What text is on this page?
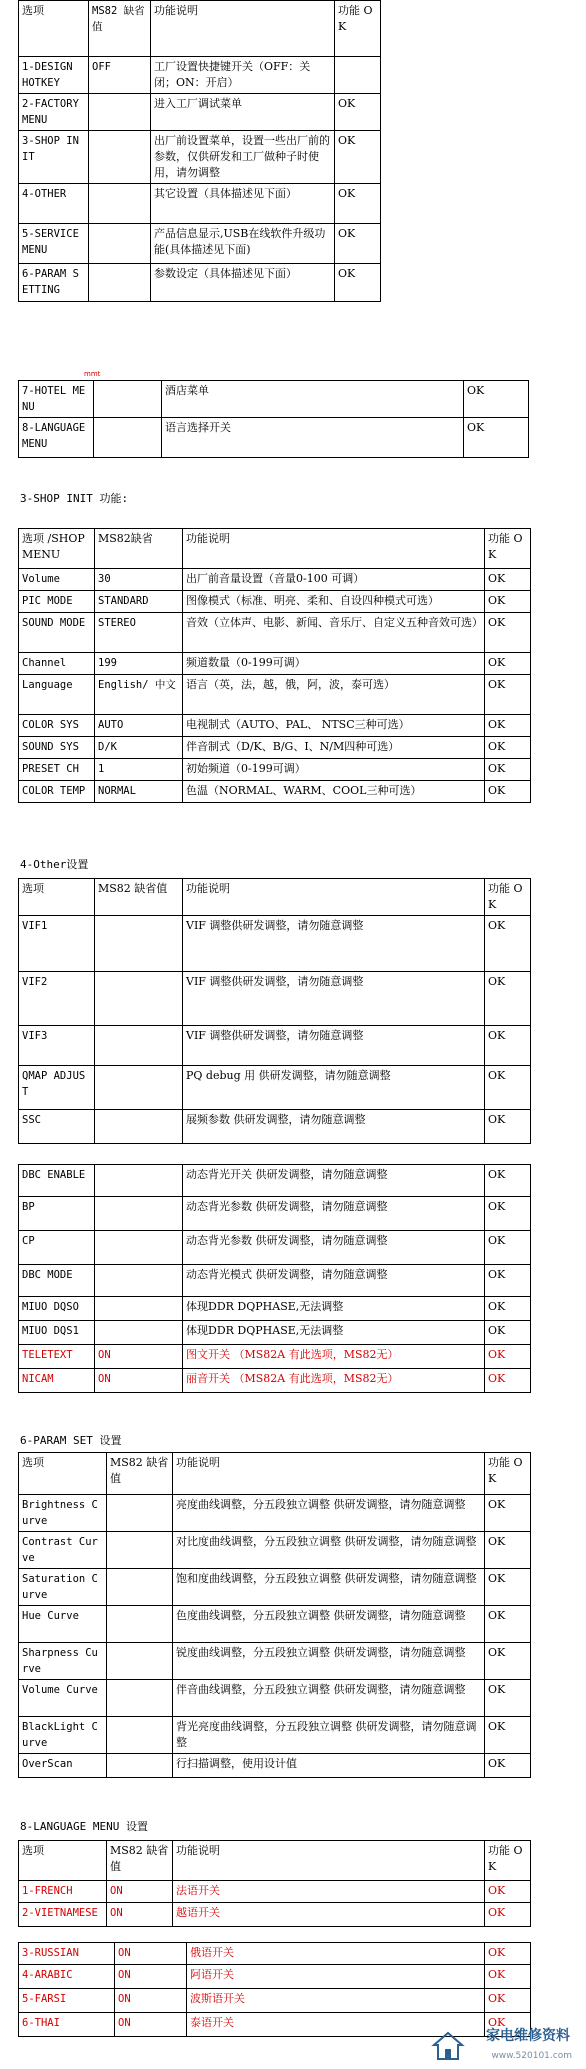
选项	MS82 缺省值	功能说明	功能 OK
1-DESIGN HOTKEY	OFF	工厂设置快捷键开关（OFF：关闭；ON：开启）	
2-FACTORY MENU		进入工厂调试菜单	OK
3-SHOP INIT		出厂前设置菜单，设置一些出厂前的参数，仅供研发和工厂做种子时使用，请勿调整	OK
4-OTHER		其它设置（具体描述见下面）	OK
5-SERVICE MENU		产品信息显示,USB在线软件升级功能(具体描述见下面)	OK
6-PARAM SETTING		参数设定（具体描述见下面）	OK
mmt
7-HOTEL MENU		酒店菜单	OK
8-LANGUAGE MENU		语言选择开关	OK
3-SHOP INIT 功能:
选项 /SHOP MENU	MS82缺省	功能说明	功能 OK
Volume	30	出厂前音量设置（音量0-100 可调）	OK
PIC MODE	STANDARD	图像模式（标准、明亮、柔和、自设四种模式可选）	OK
SOUND MODE	STEREO	音效（立体声、电影、新闻、音乐厅、自定义五种音效可选）	OK
Channel	199	频道数量（0-199可调）	OK
Language	English/ 中文	语言（英，法，越，俄，阿，波，泰可选）	OK
COLOR SYS	AUTO	电视制式（AUTO、PAL、 NTSC三种可选）	OK
SOUND SYS	D/K	伴音制式（D/K、B/G、I、N/M四种可选）	OK
PRESET CH	1	初始频道（0-199可调）	OK
COLOR TEMP	NORMAL	色温（NORMAL、WARM、COOL三种可选）	OK
4-Other设置
选项	MS82 缺省值	功能说明	功能 OK
VIF1		VIF 调整供研发调整，请勿随意调整	OK
VIF2		VIF 调整供研发调整，请勿随意调整	OK
VIF3		VIF 调整供研发调整，请勿随意调整	OK
QMAP ADJUST		PQ debug 用 供研发调整，请勿随意调整	OK
SSC		展频参数 供研发调整，请勿随意调整	OK
DBC ENABLE		动态背光开关 供研发调整，请勿随意调整	OK
BP		动态背光参数 供研发调整，请勿随意调整	OK
CP		动态背光参数 供研发调整，请勿随意调整	OK
DBC MODE		动态背光模式 供研发调整，请勿随意调整	OK
MIUO DQSO		体现DDR DQPHASE,无法调整	OK
MIUO DQS1		体现DDR DQPHASE,无法调整	OK
TELETEXT	ON	图文开关 （MS82A 有此选项，MS82无）	OK
NICAM	ON	丽音开关 （MS82A 有此选项，MS82无）	OK
6-PARAM SET 设置
选项	MS82 缺省值	功能说明	功能 OK
Brightness Curve		亮度曲线调整，分五段独立调整 供研发调整，请勿随意调整	OK
Contrast Curve		对比度曲线调整，分五段独立调整 供研发调整，请勿随意调整	OK
Saturation Curve		饱和度曲线调整，分五段独立调整 供研发调整，请勿随意调整	OK
Hue Curve		色度曲线调整，分五段独立调整 供研发调整，请勿随意调整	OK
Sharpness Curve		锐度曲线调整，分五段独立调整 供研发调整，请勿随意调整	OK
Volume Curve		伴音曲线调整，分五段独立调整 供研发调整，请勿随意调整	OK
BlackLight Curve		背光亮度曲线调整，分五段独立调整 供研发调整，请勿随意调整	OK
OverScan		行扫描调整，使用设计值	OK
8-LANGUAGE MENU 设置
选项	MS82 缺省值	功能说明	功能 OK
1-FRENCH	ON	法语开关	OK
2-VIETNAMESE	ON	越语开关	OK
3-RUSSIAN	ON	俄语开关	OK
4-ARABIC	ON	阿语开关	OK
5-FARSI	ON	波斯语开关	OK
6-THAI	ON	泰语开关	OK
家电维修资料
www.520101.com
